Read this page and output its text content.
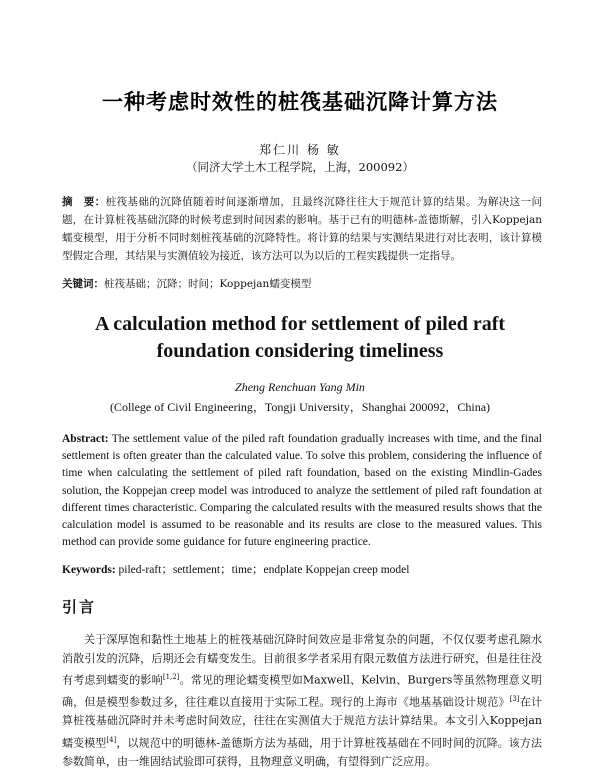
一种考虑时效性的桩筏基础沉降计算方法
郑仁川 杨 敏
（同济大学土木工程学院，上海，200092）
摘　要：桩筏基础的沉降值随着时间逐渐增加，且最终沉降往往大于规范计算的结果。为解决这一问题，在计算桩筏基础沉降的时候考虑到时间因素的影响。基于已有的明德林-盖德斯解，引入Koppejan蠕变模型，用于分析不同时刻桩筏基础的沉降特性。将计算的结果与实测结果进行对比表明，该计算模型假定合理，其结果与实测值较为接近，该方法可以为以后的工程实践提供一定指导。
关键词：桩筏基础；沉降；时间；Koppejan蠕变模型
A calculation method for settlement of piled raft
foundation considering timeliness
Zheng Renchuan Yang Min
(College of Civil Engineering，Tongji University，Shanghai 200092，China)
Abstract: The settlement value of the piled raft foundation gradually increases with time, and the final settlement is often greater than the calculated value. To solve this problem, considering the influence of time when calculating the settlement of piled raft foundation, based on the existing Mindlin-Gades solution, the Koppejan creep model was introduced to analyze the settlement of piled raft foundation at different times characteristic. Comparing the calculated results with the measured results shows that the calculation model is assumed to be reasonable and its results are close to the measured values. This method can provide some guidance for future engineering practice.
Keywords: piled-raft；settlement；time；endplate Koppejan creep model
引言
关于深厚饱和黏性土地基上的桩筏基础沉降时间效应是非常复杂的问题，不仅仅要考虑孔隙水消散引发的沉降，后期还会有蠕变发生。目前很多学者采用有限元数值方法进行研究，但是往往没有考虑到蠕变的影响[1,2]。常见的理论蠕变模型如Maxwell、Kelvin、Burgers等虽然物理意义明确，但是模型参数过多，往往难以直接用于实际工程。现行的上海市《地基基础设计规范》[3]在计算桩筏基础沉降时并未考虑时间效应，往往在实测值大于规范方法计算结果。本文引入Koppejan蠕变模型[4]，以规范中的明德林-盖德斯方法为基础，用于计算桩筏基础在不同时间的沉降。该方法参数简单，由一维固结试验即可获得，且物理意义明确，有望得到广泛应用。
